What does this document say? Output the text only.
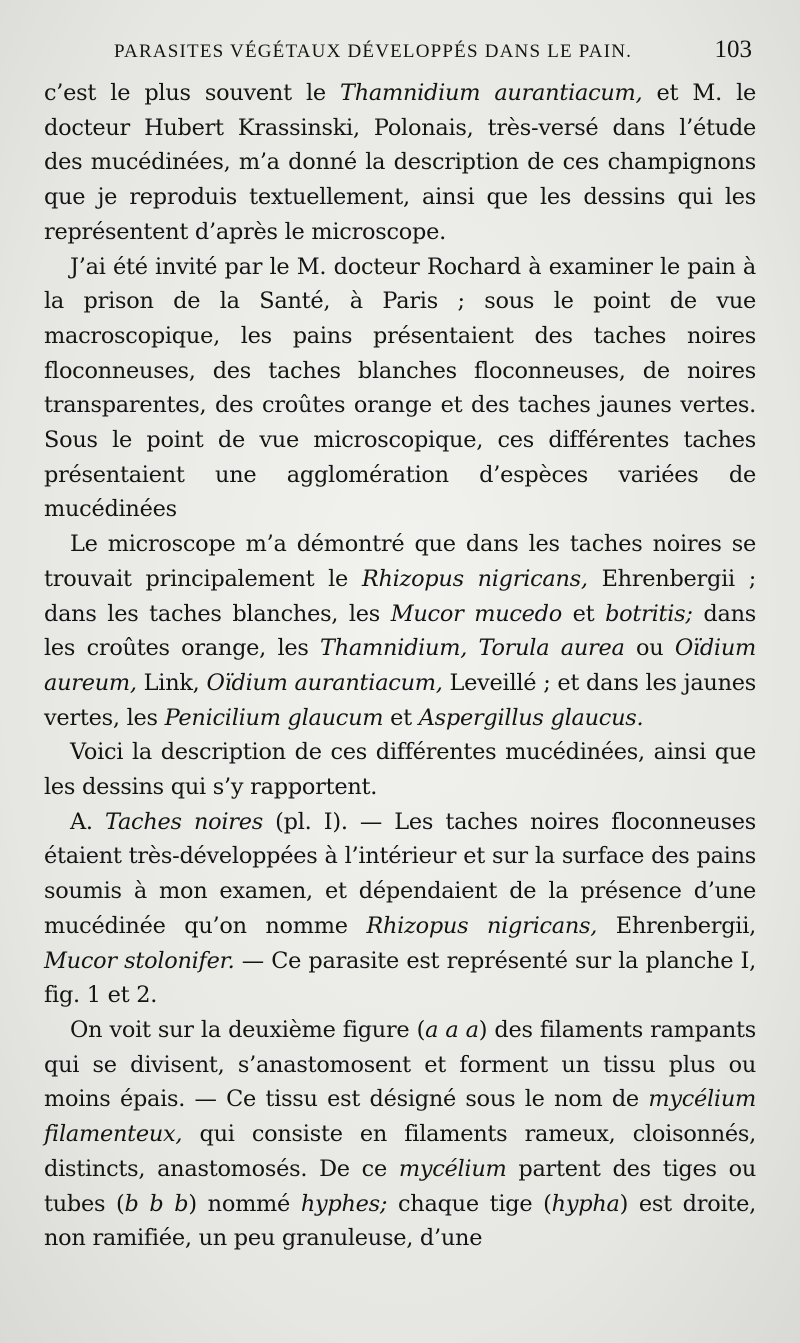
PARASITES VÉGÉTAUX DÉVELOPPÉS DANS LE PAIN.	103

c’est le plus souvent le Thamnidium aurantiacum, et M. le docteur Hubert Krassinski, Polonais, très-versé dans l’étude des mucédinées, m’a donné la description de ces champignons que je reproduis textuellement, ainsi que les dessins qui les représentent d’après le microscope.

J’ai été invité par le M. docteur Rochard à examiner le pain à la prison de la Santé, à Paris ; sous le point de vue macroscopique, les pains présentaient des taches noires floconneuses, des taches blanches floconneuses, de noires transparentes, des croûtes orange et des taches jaunes vertes. Sous le point de vue microscopique, ces différentes taches présentaient une agglomération d’espèces variées de mucédinées

Le microscope m’a démontré que dans les taches noires se trouvait principalement le Rhizopus nigricans, Ehrenbergii ; dans les taches blanches, les Mucor mucedo et botritis; dans les croûtes orange, les Thamnidium, Torula aurea ou Oïdium aureum, Link, Oïdium aurantiacum, Leveillé ; et dans les jaunes vertes, les Penicilium glaucum et Aspergillus glaucus.

Voici la description de ces différentes mucédinées, ainsi que les dessins qui s’y rapportent.

A. Taches noires (pl. I). — Les taches noires floconneuses étaient très-développées à l’intérieur et sur la surface des pains soumis à mon examen, et dépendaient de la présence d’une mucédinée qu’on nomme Rhizopus nigricans, Ehrenbergii, Mucor stolonifer. — Ce parasite est représenté sur la planche I, fig. 1 et 2.

On voit sur la deuxième figure (a a a) des filaments rampants qui se divisent, s’anastomosent et forment un tissu plus ou moins épais. — Ce tissu est désigné sous le nom de mycélium filamenteux, qui consiste en filaments rameux, cloisonnés, distincts, anastomosés. De ce mycélium partent des tiges ou tubes (b b b) nommé hyphes; chaque tige (hypha) est droite, non ramifiée, un peu granuleuse, d’une
